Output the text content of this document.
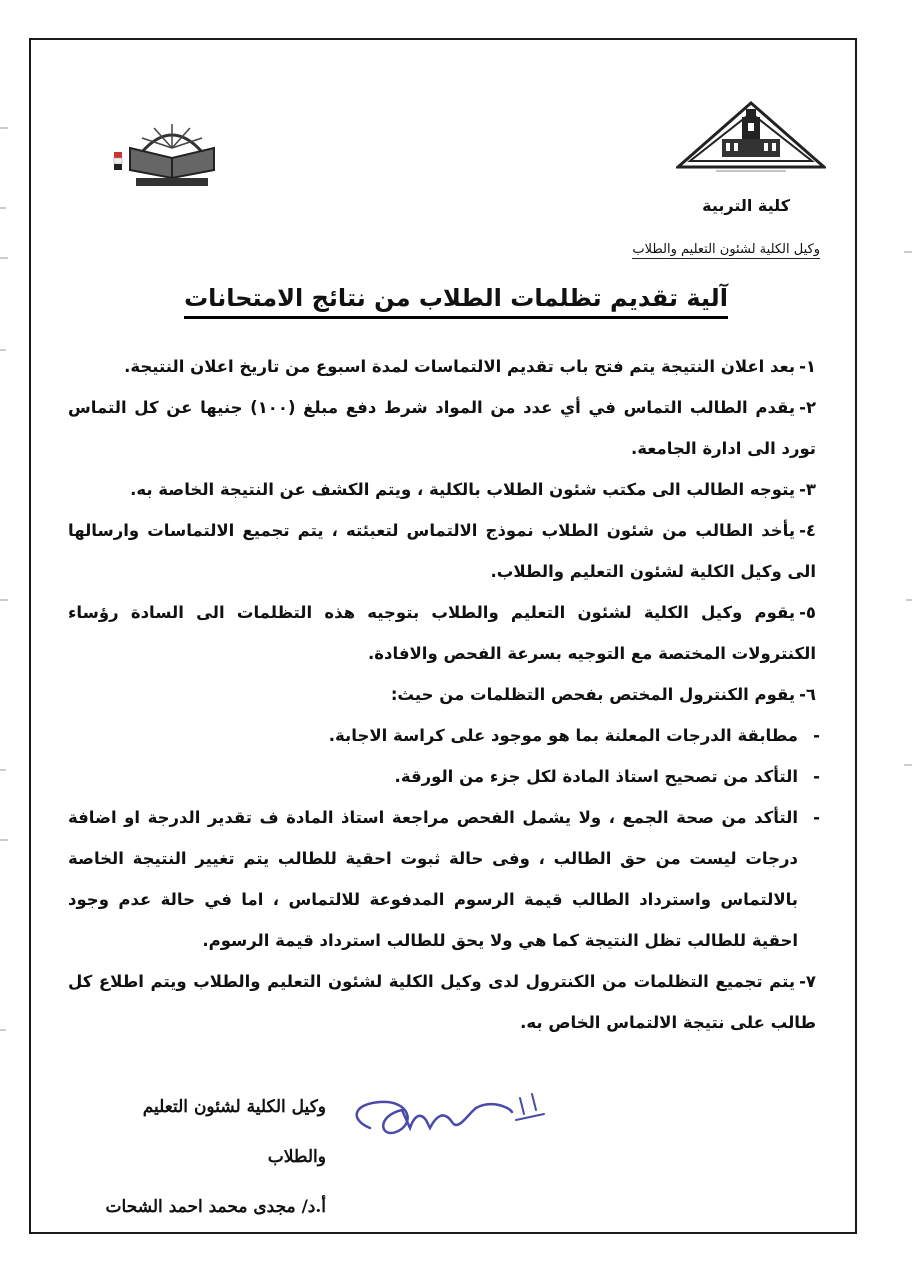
كلية التربية
وكيل الكلية لشئون التعليم والطلاب
آلية تقديم تظلمات الطلاب من نتائج الامتحانات

١-بعد اعلان النتيجة يتم فتح باب تقديم الالتماسات لمدة اسبوع من تاريخ اعلان النتيجة.

٢-يقدم الطالب التماس في أي عدد من المواد شرط دفع مبلغ (١٠٠) جنيها عن كل التماس تورد الى ادارة الجامعة.

٣-يتوجه الطالب الى مكتب شئون الطلاب بالكلية ، ويتم الكشف عن النتيجة الخاصة به.

٤-يأخد الطالب من شئون الطلاب نموذج الالتماس لتعبئته ، يتم تجميع الالتماسات وارسالها الى وكيل الكلية لشئون التعليم والطلاب.

٥-يقوم وكيل الكلية لشئون التعليم والطلاب بتوجيه هذه التظلمات الى السادة رؤساء الكنترولات المختصة مع التوجيه بسرعة الفحص والافادة.

٦-يقوم الكنترول المختص بفحص التظلمات من حيث:

- مطابقة الدرجات المعلنة بما هو موجود على كراسة الاجابة.

- التأكد من تصحيح استاذ المادة لكل جزء من الورقة.

- التأكد من صحة الجمع ، ولا يشمل الفحص مراجعة استاذ المادة ف تقدير الدرجة او اضافة درجات ليست من حق الطالب ، وفى حالة ثبوت احقية للطالب يتم تغيير النتيجة الخاصة بالالتماس واسترداد الطالب قيمة الرسوم المدفوعة للالتماس ، اما في حالة عدم وجود احقية للطالب تظل النتيجة كما هي ولا يحق للطالب استرداد قيمة الرسوم.

٧-يتم تجميع التظلمات من الكنترول لدى وكيل الكلية لشئون التعليم والطلاب ويتم اطلاع كل طالب على نتيجة الالتماس الخاص به.

وكيل الكلية لشئون التعليم والطلاب
أ.د/ مجدى محمد احمد الشحات
